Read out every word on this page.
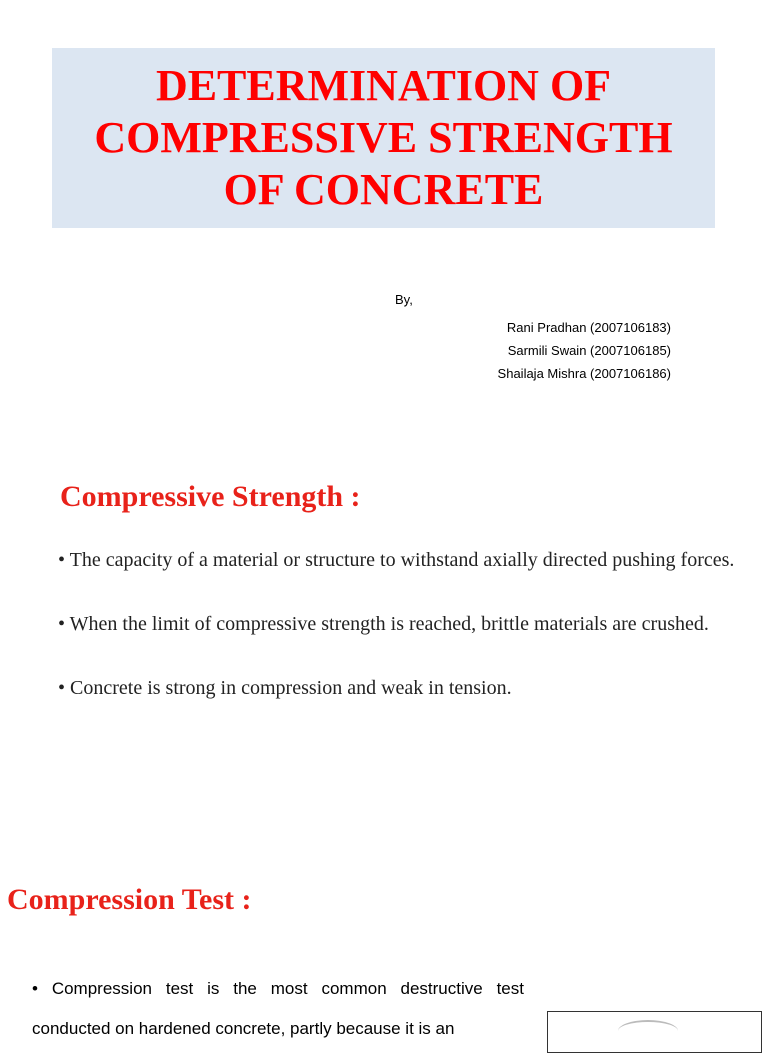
DETERMINATION OF
COMPRESSIVE STRENGTH
OF CONCRETE
By,
Rani Pradhan (2007106183)
Sarmili Swain (2007106185)
Shailaja Mishra (2007106186)
Compressive Strength :
• The capacity of a material or structure to withstand axially directed pushing forces.
• When the limit of compressive strength is reached, brittle materials are crushed.
• Concrete is strong in compression and weak in tension.
Compression Test :

• Compression test is the most common destructive test conducted on hardened concrete, partly because it is an
